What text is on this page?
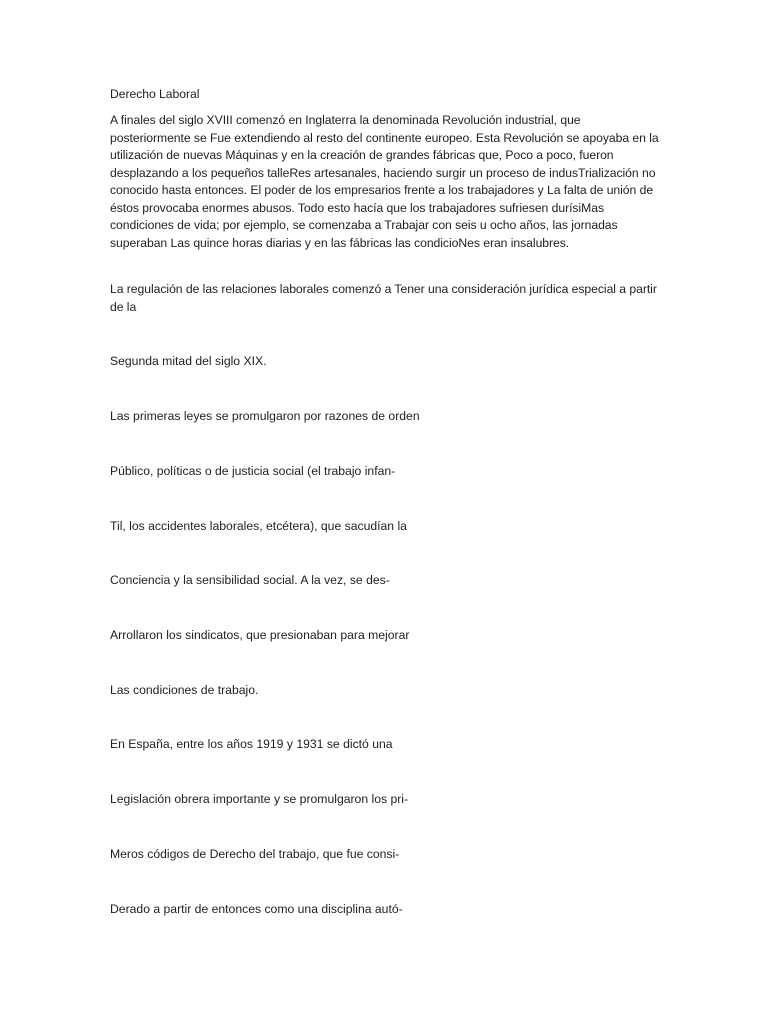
Derecho Laboral
A finales del siglo XVIII comenzó en Inglaterra la denominada Revolución industrial, que posteriormente se Fue extendiendo al resto del continente europeo. Esta Revolución se apoyaba en la utilización de nuevas Máquinas y en la creación de grandes fábricas que, Poco a poco, fueron desplazando a los pequeños talleRes artesanales, haciendo surgir un proceso de indusTrialización no conocido hasta entonces. El poder de los empresarios frente a los trabajadores y La falta de unión de éstos provocaba enormes abusos. Todo esto hacía que los trabajadores sufriesen durísiMas condiciones de vida; por ejemplo, se comenzaba a Trabajar con seis u ocho años, las jornadas superaban Las quince horas diarias y en las fábricas las condicioNes eran insalubres.
La regulación de las relaciones laborales comenzó a Tener una consideración jurídica especial a partir de la
Segunda mitad del siglo XIX.
Las primeras leyes se promulgaron por razones de orden
Público, políticas o de justicia social (el trabajo infan-
Til, los accidentes laborales, etcétera), que sacudían la
Conciencia y la sensibilidad social. A la vez, se des-
Arrollaron los sindicatos, que presionaban para mejorar
Las condiciones de trabajo.
En España, entre los años 1919 y 1931 se dictó una
Legislación obrera importante y se promulgaron los pri-
Meros códigos de Derecho del trabajo, que fue consi-
Derado a partir de entonces como una disciplina autó-
